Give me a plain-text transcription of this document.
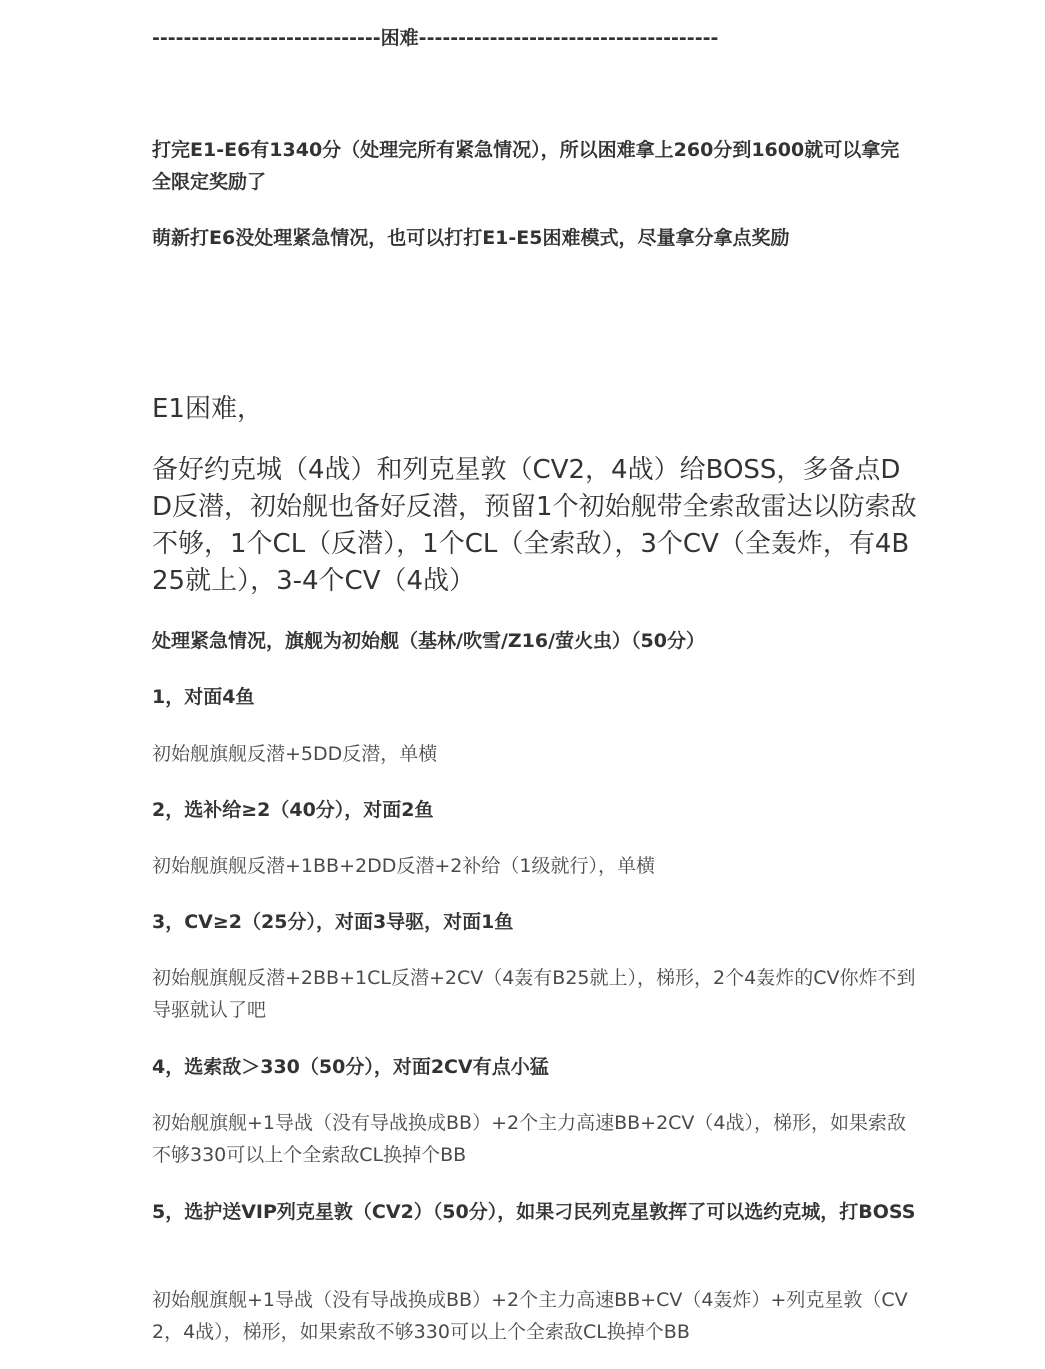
-----------------------------困难--------------------------------------

打完E1-E6有1340分（处理完所有紧急情况），所以困难拿上260分到1600就可以拿完全限定奖励了

萌新打E6没处理紧急情况，也可以打打E1-E5困难模式，尽量拿分拿点奖励

E1困难，

备好约克城（4战）和列克星敦（CV2，4战）给BOSS，多备点DD反潜，初始舰也备好反潜，预留1个初始舰带全索敌雷达以防索敌不够，1个CL（反潜），1个CL（全索敌），3个CV（全轰炸，有4B25就上），3-4个CV（4战）

处理紧急情况，旗舰为初始舰（基林/吹雪/Z16/萤火虫）（50分）

1，对面4鱼

初始舰旗舰反潜+5DD反潜，单横

2，选补给≥2（40分），对面2鱼

初始舰旗舰反潜+1BB+2DD反潜+2补给（1级就行），单横

3，CV≥2（25分），对面3导驱，对面1鱼

初始舰旗舰反潜+2BB+1CL反潜+2CV（4轰有B25就上），梯形，2个4轰炸的CV你炸不到导驱就认了吧

4，选索敌＞330（50分），对面2CV有点小猛

初始舰旗舰+1导战（没有导战换成BB）+2个主力高速BB+2CV（4战），梯形，如果索敌不够330可以上个全索敌CL换掉个BB

5，选护送VIP列克星敦（CV2）（50分），如果刁民列克星敦挥了可以选约克城，打BOSS

初始舰旗舰+1导战（没有导战换成BB）+2个主力高速BB+CV（4轰炸）+列克星敦（CV2，4战），梯形，如果索敌不够330可以上个全索敌CL换掉个BB
